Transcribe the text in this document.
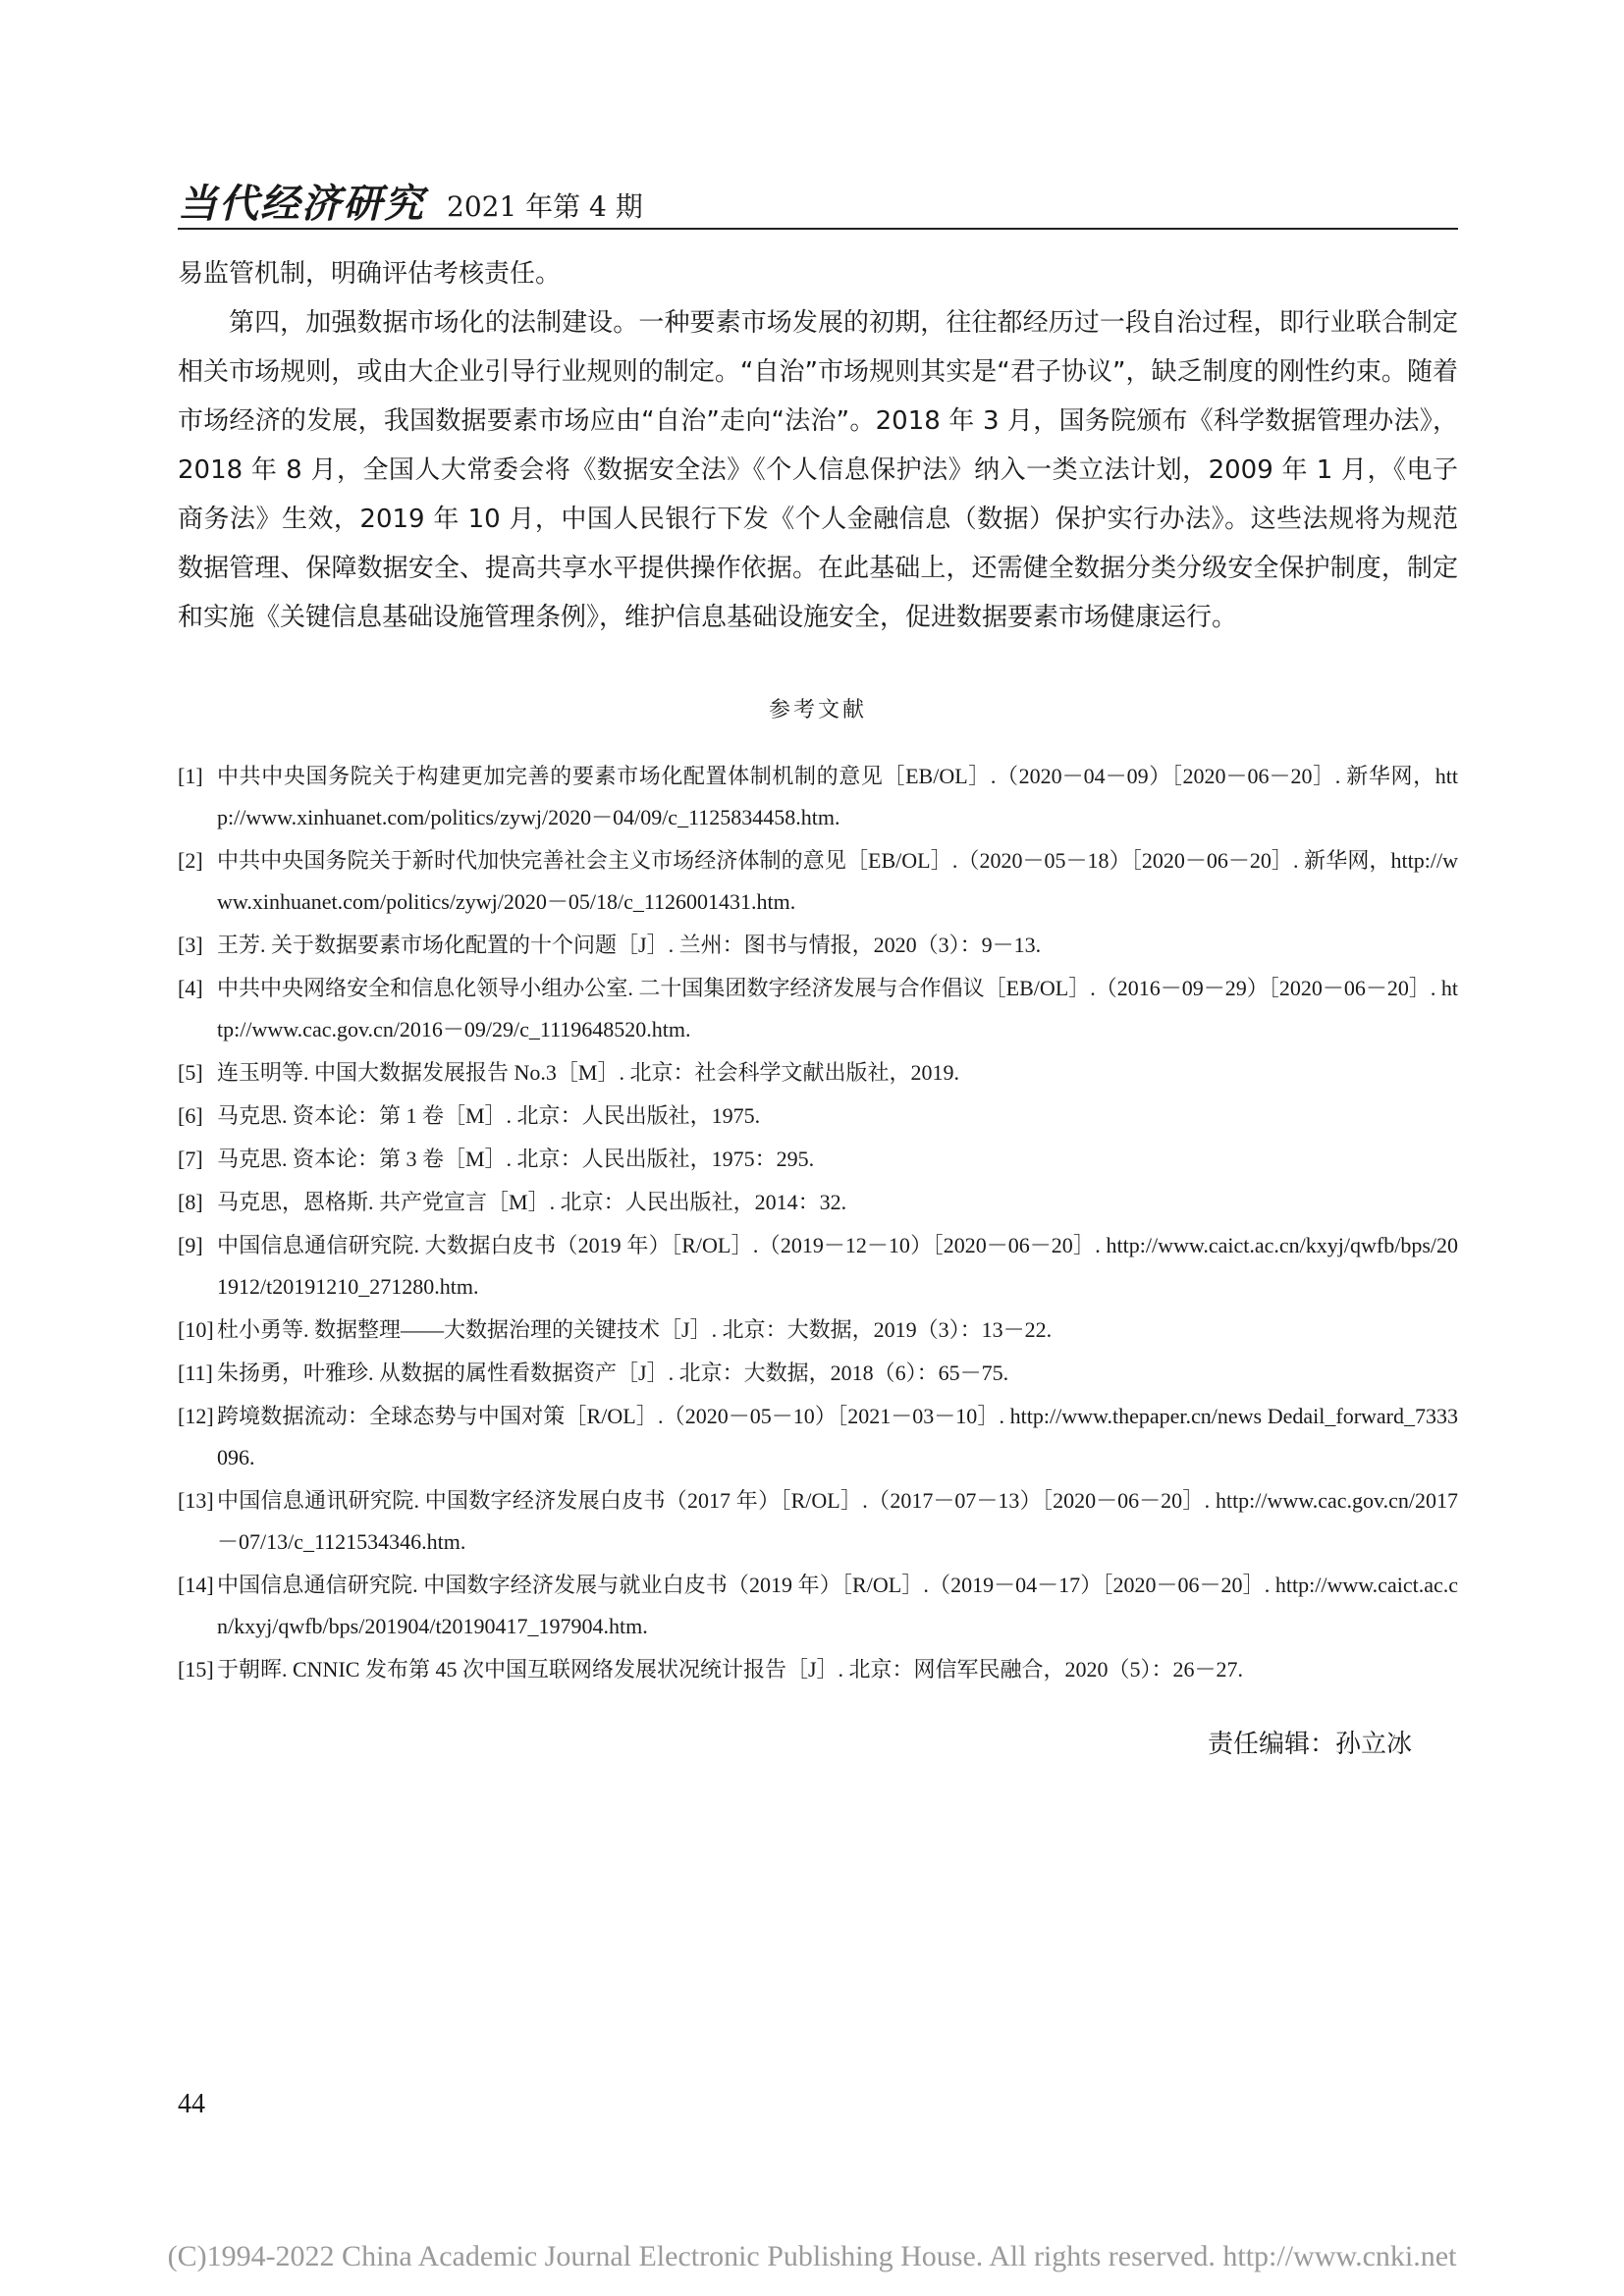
当代经济研究 2021 年第 4 期

易监管机制，明确评估考核责任。

第四，加强数据市场化的法制建设。一种要素市场发展的初期，往往都经历过一段自治过程，即行业联合制定相关市场规则，或由大企业引导行业规则的制定。“自治”市场规则其实是“君子协议”，缺乏制度的刚性约束。随着市场经济的发展，我国数据要素市场应由“自治”走向“法治”。2018 年 3 月，国务院颁布《科学数据管理办法》，2018 年 8 月，全国人大常委会将《数据安全法》《个人信息保护法》纳入一类立法计划，2009 年 1 月，《电子商务法》生效，2019 年 10 月，中国人民银行下发《个人金融信息（数据）保护实行办法》。这些法规将为规范数据管理、保障数据安全、提高共享水平提供操作依据。在此基础上，还需健全数据分类分级安全保护制度，制定和实施《关键信息基础设施管理条例》，维护信息基础设施安全，促进数据要素市场健康运行。

参考文献
[1] 中共中央国务院关于构建更加完善的要素市场化配置体制机制的意见［EB/OL］.（2020－04－09）［2020－06－20］. 新华网，http://www.xinhuanet.com/politics/zywj/2020－04/09/c_1125834458.htm.
[2] 中共中央国务院关于新时代加快完善社会主义市场经济体制的意见［EB/OL］.（2020－05－18）［2020－06－20］. 新华网，http://www.xinhuanet.com/politics/zywj/2020－05/18/c_1126001431.htm.
[3] 王芳. 关于数据要素市场化配置的十个问题［J］. 兰州：图书与情报，2020（3）：9－13.
[4] 中共中央网络安全和信息化领导小组办公室. 二十国集团数字经济发展与合作倡议［EB/OL］.（2016－09－29）［2020－06－20］. http://www.cac.gov.cn/2016－09/29/c_1119648520.htm.
[5] 连玉明等. 中国大数据发展报告 No.3［M］. 北京：社会科学文献出版社，2019.
[6] 马克思. 资本论：第 1 卷［M］. 北京：人民出版社，1975.
[7] 马克思. 资本论：第 3 卷［M］. 北京：人民出版社，1975：295.
[8] 马克思，恩格斯. 共产党宣言［M］. 北京：人民出版社，2014：32.
[9] 中国信息通信研究院. 大数据白皮书（2019 年）［R/OL］.（2019－12－10）［2020－06－20］. http://www.caict.ac.cn/kxyj/qwfb/bps/201912/t20191210_271280.htm.
[10] 杜小勇等. 数据整理——大数据治理的关键技术［J］. 北京：大数据，2019（3）：13－22.
[11] 朱扬勇，叶雅珍. 从数据的属性看数据资产［J］. 北京：大数据，2018（6）：65－75.
[12] 跨境数据流动：全球态势与中国对策［R/OL］.（2020－05－10）［2021－03－10］. http://www.thepaper.cn/news Dedail_forward_7333096.
[13] 中国信息通讯研究院. 中国数字经济发展白皮书（2017 年）［R/OL］.（2017－07－13）［2020－06－20］. http://www.cac.gov.cn/2017－07/13/c_1121534346.htm.
[14] 中国信息通信研究院. 中国数字经济发展与就业白皮书（2019 年）［R/OL］.（2019－04－17）［2020－06－20］. http://www.caict.ac.cn/kxyj/qwfb/bps/201904/t20190417_197904.htm.
[15] 于朝晖. CNNIC 发布第 45 次中国互联网络发展状况统计报告［J］. 北京：网信军民融合，2020（5）：26－27.
责任编辑：孙立冰
44
(C)1994-2022 China Academic Journal Electronic Publishing House. All rights reserved. http://www.cnki.net
